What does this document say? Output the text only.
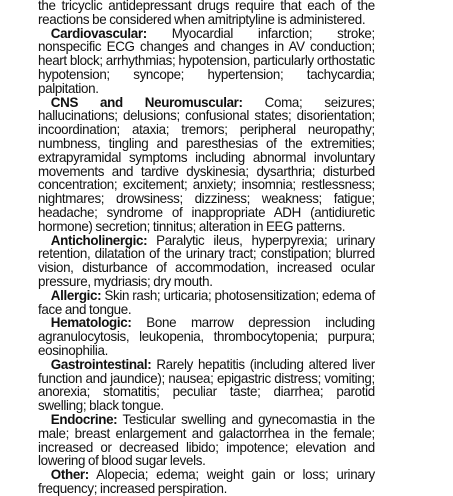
the tricyclic antidepressant drugs require that each of the reactions be considered when amitriptyline is administered.

Cardiovascular: Myocardial infarction; stroke; nonspecific ECG changes and changes in AV conduction; heart block; arrhythmias; hypotension, particularly orthostatic hypotension; syncope; hypertension; tachycardia; palpitation.

CNS and Neuromuscular: Coma; seizures; hallucinations; delusions; confusional states; disorientation; incoordination; ataxia; tremors; peripheral neuropathy; numbness, tingling and paresthesias of the extremities; extrapyramidal symptoms including abnormal involuntary movements and tardive dyskinesia; dysarthria; disturbed concentration; excitement; anxiety; insomnia; restlessness; nightmares; drowsiness; dizziness; weakness; fatigue; headache; syndrome of inappropriate ADH (antidiuretic hormone) secretion; tinnitus; alteration in EEG patterns.

Anticholinergic: Paralytic ileus, hyperpyrexia; urinary retention, dilatation of the urinary tract; constipation; blurred vision, disturbance of accommodation, increased ocular pressure, mydriasis; dry mouth.

Allergic: Skin rash; urticaria; photosensitization; edema of face and tongue.

Hematologic: Bone marrow depression including agranulocytosis, leukopenia, thrombocytopenia; purpura; eosinophilia.

Gastrointestinal: Rarely hepatitis (including altered liver function and jaundice); nausea; epigastric distress; vomiting; anorexia; stomatitis; peculiar taste; diarrhea; parotid swelling; black tongue.

Endocrine: Testicular swelling and gynecomastia in the male; breast enlargement and galactorrhea in the female; increased or decreased libido; impotence; elevation and lowering of blood sugar levels.

Other: Alopecia; edema; weight gain or loss; urinary frequency; increased perspiration.
